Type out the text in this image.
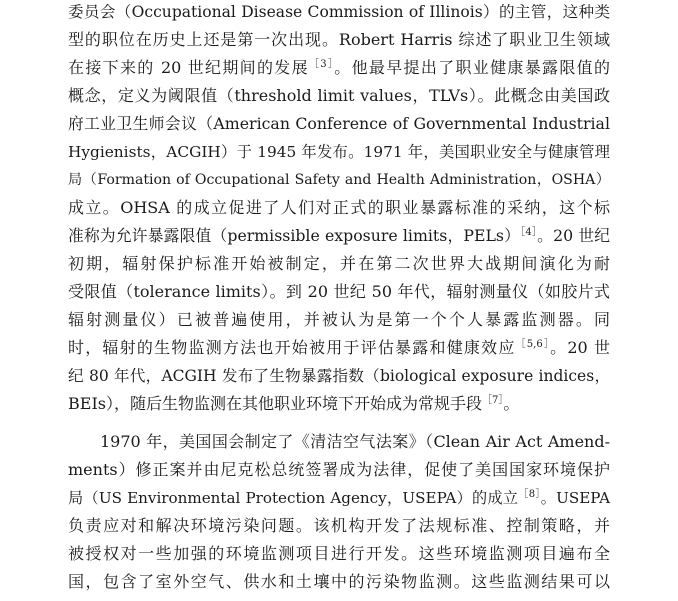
委员会（Occupational Disease Commission of Illinois）的主管，这种类
型的职位在历史上还是第一次出现。Robert Harris 综述了职业卫生领域
在接下来的 20 世纪期间的发展$^{[3]}$。他最早提出了职业健康暴露限值的
概念，定义为阈限值（threshold limit values，TLVs）。此概念由美国政
府工业卫生师会议（American Conference of Governmental Industrial
Hygienists，ACGIH）于 1945 年发布。1971 年，美国职业安全与健康管理
局（Formation of Occupational Safety and Health Administration，OSHA）
成立。OHSA 的成立促进了人们对正式的职业暴露标准的采纳，这个标
准称为允许暴露限值（permissible exposure limits，PELs）$^{[4]}$。20 世纪
初期，辐射保护标准开始被制定，并在第二次世界大战期间演化为耐
受限值（tolerance limits）。到 20 世纪 50 年代，辐射测量仪（如胶片式
辐射测量仪）已被普遍使用，并被认为是第一个个人暴露监测器。同
时，辐射的生物监测方法也开始被用于评估暴露和健康效应$^{[5,6]}$。20 世
纪 80 年代，ACGIH 发布了生物暴露指数（biological exposure indices，
BEIs），随后生物监测在其他职业环境下开始成为常规手段$^{[7]}$。
1970 年，美国国会制定了《清洁空气法案》（Clean Air Act Amend-
ments）修正案并由尼克松总统签署成为法律，促使了美国国家环境保护
局（US Environmental Protection Agency，USEPA）的成立$^{[8]}$。USEPA
负责应对和解决环境污染问题。该机构开发了法规标准、控制策略，并
被授权对一些加强的环境监测项目进行开发。这些环境监测项目遍布全
国，包含了室外空气、供水和土壤中的污染物监测。这些监测结果可以
